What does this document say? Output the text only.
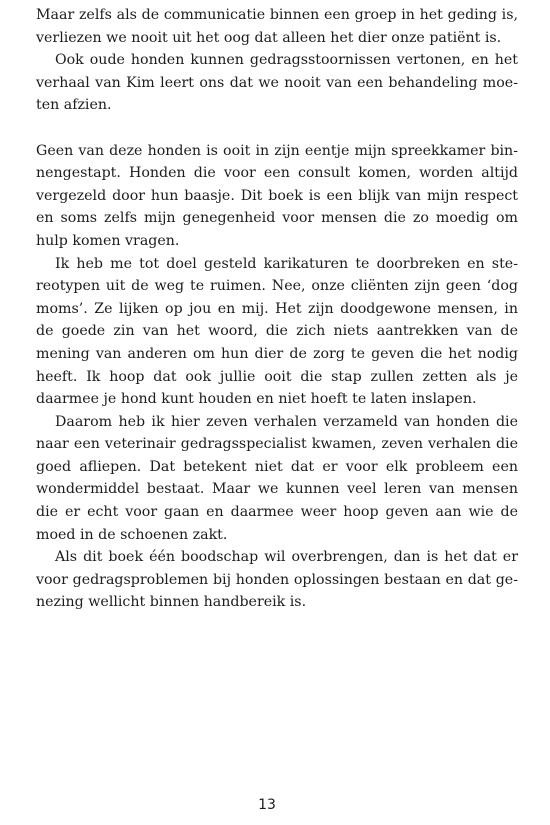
Maar zelfs als de communicatie binnen een groep in het geding is, verliezen we nooit uit het oog dat alleen het dier onze patiënt is.

Ook oude honden kunnen gedragsstoornissen vertonen, en het verhaal van Kim leert ons dat we nooit van een behandeling moeten afzien.

Geen van deze honden is ooit in zijn eentje mijn spreekkamer binnengestapt. Honden die voor een consult komen, worden altijd vergezeld door hun baasje. Dit boek is een blijk van mijn respect en soms zelfs mijn genegenheid voor mensen die zo moedig om hulp komen vragen.

Ik heb me tot doel gesteld karikaturen te doorbreken en stereotypen uit de weg te ruimen. Nee, onze cliënten zijn geen ‘dog moms’. Ze lijken op jou en mij. Het zijn doodgewone mensen, in de goede zin van het woord, die zich niets aantrekken van de mening van anderen om hun dier de zorg te geven die het nodig heeft. Ik hoop dat ook jullie ooit die stap zullen zetten als je daarmee je hond kunt houden en niet hoeft te laten inslapen.

Daarom heb ik hier zeven verhalen verzameld van honden die naar een veterinair gedragsspecialist kwamen, zeven verhalen die goed afliepen. Dat betekent niet dat er voor elk probleem een wondermiddel bestaat. Maar we kunnen veel leren van mensen die er echt voor gaan en daarmee weer hoop geven aan wie de moed in de schoenen zakt.

Als dit boek één boodschap wil overbrengen, dan is het dat er voor gedragsproblemen bij honden oplossingen bestaan en dat genezing wellicht binnen handbereik is.

13
